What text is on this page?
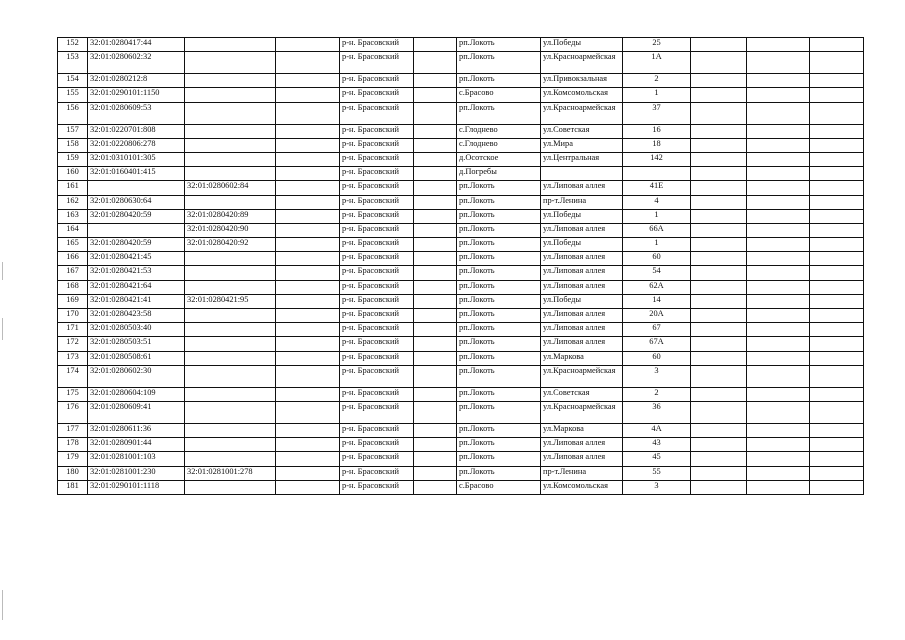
152	32:01:0280417:44			р-н. Брасовский		рп.Локоть	ул.Победы	25			
153	32:01:0280602:32			р-н. Брасовский		рп.Локоть	ул.Красноармейская	1А			
154	32:01:0280212:8			р-н. Брасовский		рп.Локоть	ул.Привокзальная	2			
155	32:01:0290101:1150			р-н. Брасовский		с.Брасово	ул.Комсомольская	1			
156	32:01:0280609:53			р-н. Брасовский		рп.Локоть	ул.Красноармейская	37			
157	32:01:0220701:808			р-н. Брасовский		с.Глоднево	ул.Советская	16			
158	32:01:0220806:278			р-н. Брасовский		с.Глоднево	ул.Мира	18			
159	32:01:0310101:305			р-н. Брасовский		д.Осотское	ул.Центральная	142			
160	32:01:0160401:415			р-н. Брасовский		д.Погребы					
161		32:01:0280602:84		р-н. Брасовский		рп.Локоть	ул.Липовая аллея	41Е			
162	32:01:0280630:64			р-н. Брасовский		рп.Локоть	пр-т.Ленина	4			
163	32:01:0280420:59	32:01:0280420:89		р-н. Брасовский		рп.Локоть	ул.Победы	1			
164		32:01:0280420:90		р-н. Брасовский		рп.Локоть	ул.Липовая аллея	66А			
165	32:01:0280420:59	32:01:0280420:92		р-н. Брасовский		рп.Локоть	ул.Победы	1			
166	32:01:0280421:45			р-н. Брасовский		рп.Локоть	ул.Липовая аллея	60			
167	32:01:0280421:53			р-н. Брасовский		рп.Локоть	ул.Липовая аллея	54			
168	32:01:0280421:64			р-н. Брасовский		рп.Локоть	ул.Липовая аллея	62А			
169	32:01:0280421:41	32:01:0280421:95		р-н. Брасовский		рп.Локоть	ул.Победы	14			
170	32:01:0280423:58			р-н. Брасовский		рп.Локоть	ул.Липовая аллея	20А			
171	32:01:0280503:40			р-н. Брасовский		рп.Локоть	ул.Липовая аллея	67			
172	32:01:0280503:51			р-н. Брасовский		рп.Локоть	ул.Липовая аллея	67А			
173	32:01:0280508:61			р-н. Брасовский		рп.Локоть	ул.Маркова	60			
174	32:01:0280602:30			р-н. Брасовский		рп.Локоть	ул.Красноармейская	3			
175	32:01:0280604:109			р-н. Брасовский		рп.Локоть	ул.Советская	2			
176	32:01:0280609:41			р-н. Брасовский		рп.Локоть	ул.Красноармейская	36			
177	32:01:0280611:36			р-н. Брасовский		рп.Локоть	ул.Маркова	4А			
178	32:01:0280901:44			р-н. Брасовский		рп.Локоть	ул.Липовая аллея	43			
179	32:01:0281001:103			р-н. Брасовский		рп.Локоть	ул.Липовая аллея	45			
180	32:01:0281001:230	32:01:0281001:278		р-н. Брасовский		рп.Локоть	пр-т.Ленина	55			
181	32:01:0290101:1118			р-н. Брасовский		с.Брасово	ул.Комсомольская	3			
